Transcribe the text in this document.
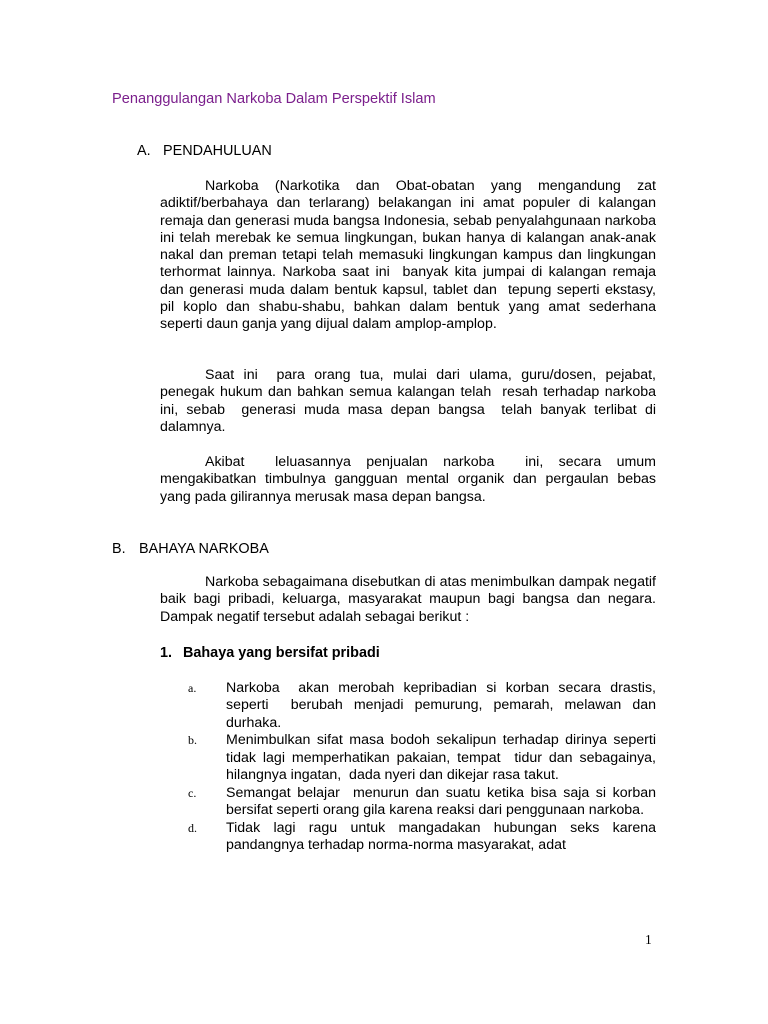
Penanggulangan Narkoba Dalam Perspektif Islam
A. PENDAHULUAN

Narkoba (Narkotika dan Obat-obatan yang mengandung zat adiktif/berbahaya dan terlarang) belakangan ini amat populer di kalangan remaja dan generasi muda bangsa Indonesia, sebab penyalahgunaan narkoba  ini telah merebak ke semua lingkungan, bukan hanya di kalangan anak-anak nakal dan preman tetapi telah memasuki lingkungan kampus dan lingkungan terhormat lainnya. Narkoba saat ini  banyak kita jumpai di kalangan remaja dan generasi muda dalam bentuk kapsul, tablet dan  tepung seperti ekstasy, pil koplo dan shabu-shabu, bahkan dalam bentuk yang amat sederhana seperti daun ganja yang dijual dalam amplop-amplop.

Saat ini  para orang tua, mulai dari ulama, guru/dosen, pejabat, penegak hukum dan bahkan semua kalangan telah  resah terhadap narkoba ini, sebab  generasi muda masa depan bangsa  telah banyak terlibat di dalamnya.

Akibat  leluasannya penjualan narkoba  ini, secara umum mengakibatkan timbulnya gangguan mental organik dan pergaulan bebas yang pada gilirannya merusak masa depan bangsa.

B. BAHAYA NARKOBA

Narkoba sebagaimana disebutkan di atas menimbulkan dampak negatif baik bagi pribadi, keluarga, masyarakat maupun bagi bangsa dan negara. Dampak negatif tersebut adalah sebagai berikut :

1. Bahaya yang bersifat pribadi
a.	Narkoba  akan merobah kepribadian si korban secara drastis, seperti  berubah menjadi pemurung, pemarah, melawan dan durhaka.
b.	Menimbulkan sifat masa bodoh sekalipun terhadap dirinya seperti tidak lagi memperhatikan pakaian, tempat  tidur dan sebagainya, hilangnya ingatan,  dada nyeri dan dikejar rasa takut.
c.	Semangat belajar  menurun dan suatu ketika bisa saja si korban bersifat seperti orang gila karena reaksi dari penggunaan narkoba.
d.	Tidak lagi ragu untuk mangadakan hubungan seks karena pandangnya terhadap norma-norma masyarakat, adat
1
